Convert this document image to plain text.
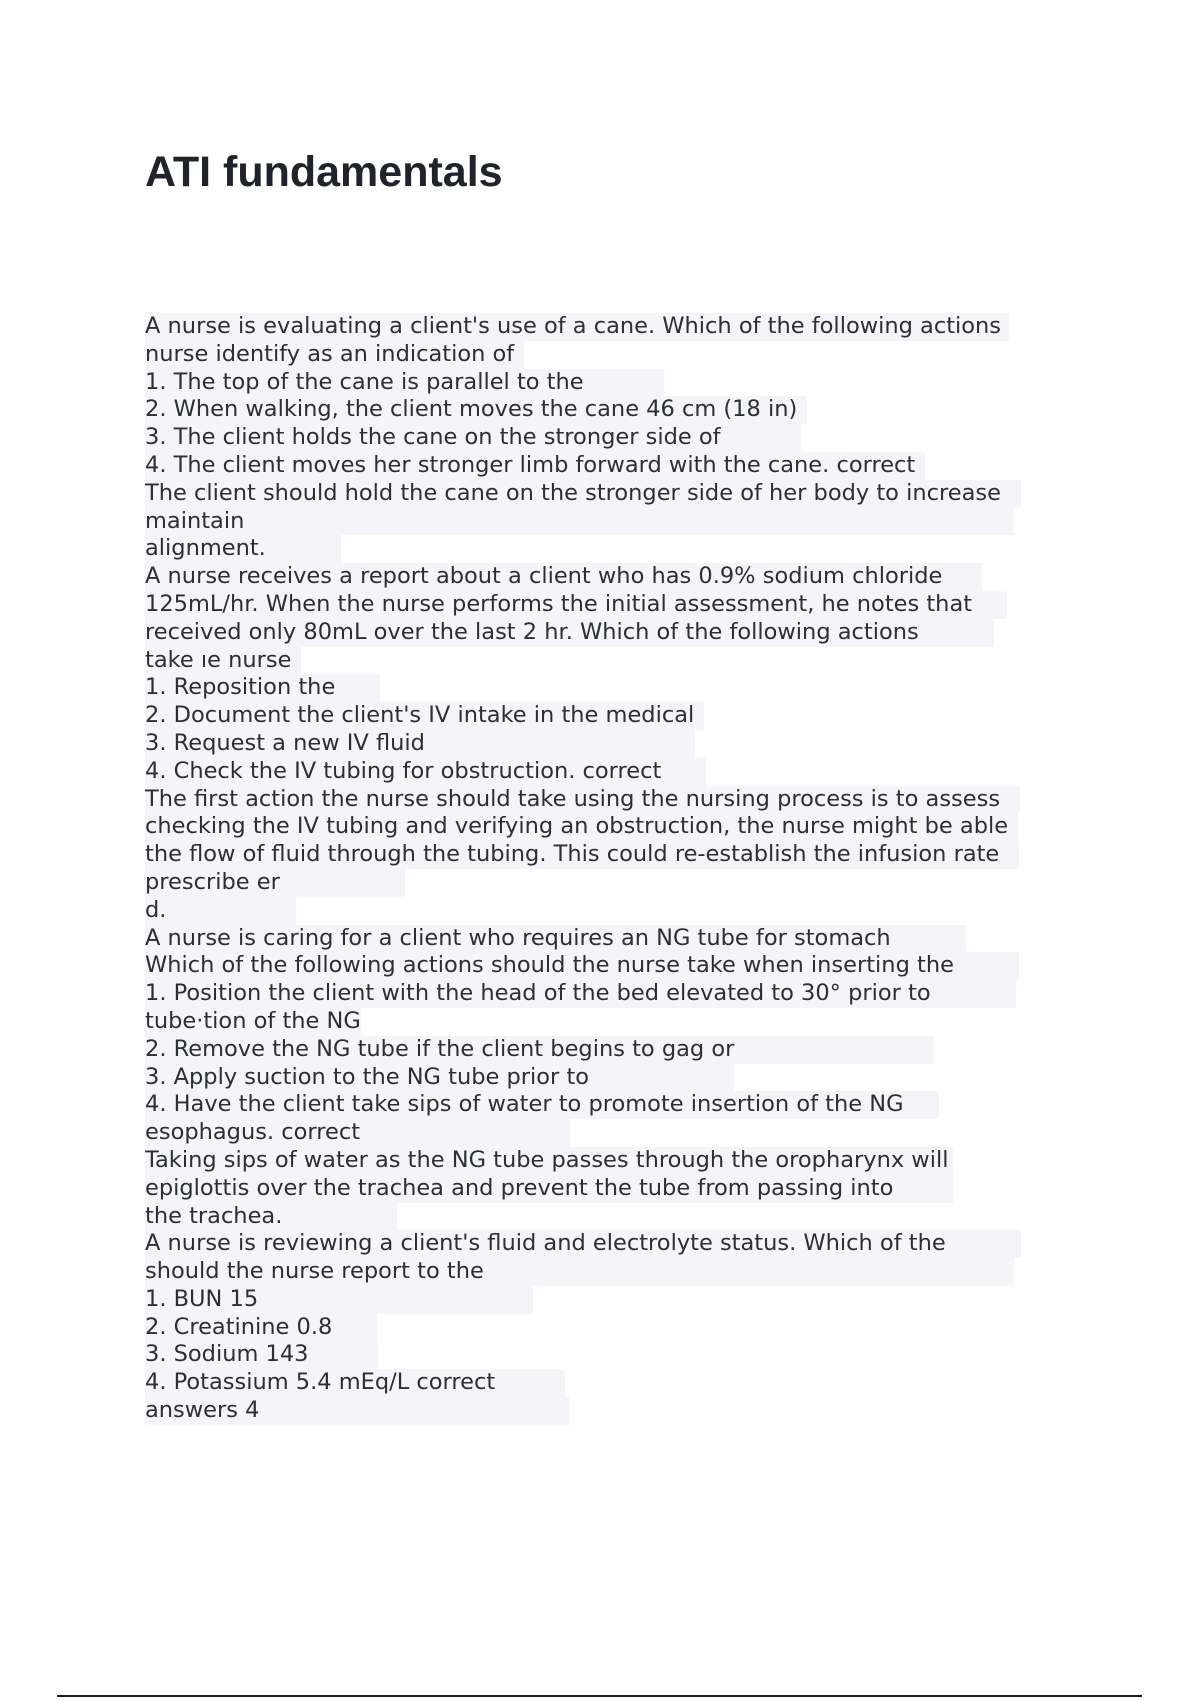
ATI fundamentals
A nurse is evaluating a client's use of a cane. Which of the following actions
nurse identify as an indication of
1. The top of the cane is parallel to the
2. When walking, the client moves the cane 46 cm (18 in)
3. The client holds the cane on the stronger side of
4. The client moves her stronger limb forward with the cane. correct
The client should hold the cane on the stronger side of her body to increase
maintain
alignment.
A nurse receives a report about a client who has 0.9% sodium chloride
125mL/hr. When the nurse performs the initial assessment, he notes that
received only 80mL over the last 2 hr. Which of the following actions
take ıe nurse
1. Reposition the
2. Document the client's IV intake in the medical
3. Request a new IV fluid
4. Check the IV tubing for obstruction. correct
The first action the nurse should take using the nursing process is to assess
checking the IV tubing and verifying an obstruction, the nurse might be able
the flow of fluid through the tubing. This could re-establish the infusion rate
prescribe er
d.
A nurse is caring for a client who requires an NG tube for stomach
Which of the following actions should the nurse take when inserting the
1. Position the client with the head of the bed elevated to 30° prior to
tube·tion of the NG
2. Remove the NG tube if the client begins to gag or
3. Apply suction to the NG tube prior to
4. Have the client take sips of water to promote insertion of the NG
esophagus. correct
Taking sips of water as the NG tube passes through the oropharynx will
epiglottis over the trachea and prevent the tube from passing into
the trachea.
A nurse is reviewing a client's fluid and electrolyte status. Which of the
should the nurse report to the
1. BUN 15
2. Creatinine 0.8
3. Sodium 143
4. Potassium 5.4 mEq/L correct
answers 4
